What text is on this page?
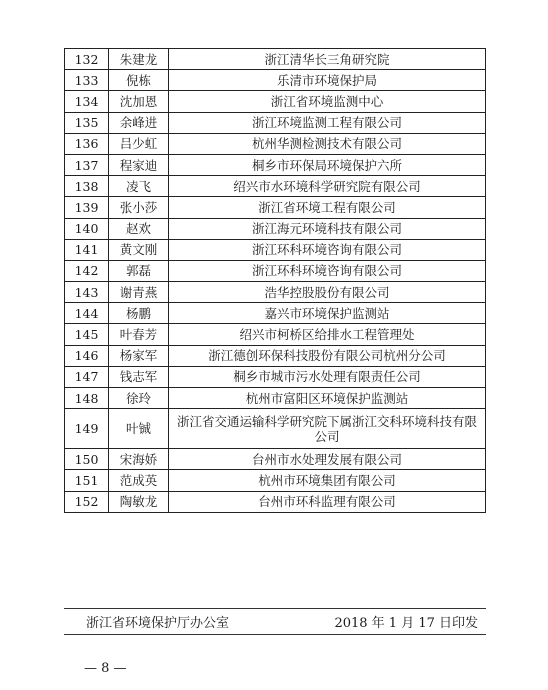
132	朱建龙	浙江清华长三角研究院
133	倪栋	乐清市环境保护局
134	沈加恩	浙江省环境监测中心
135	余峰进	浙江环境监测工程有限公司
136	吕少虹	杭州华测检测技术有限公司
137	程家迪	桐乡市环保局环境保护六所
138	凌飞	绍兴市水环境科学研究院有限公司
139	张小莎	浙江省环境工程有限公司
140	赵欢	浙江海元环境科技有限公司
141	黄文刚	浙江环科环境咨询有限公司
142	郭磊	浙江环科环境咨询有限公司
143	谢青燕	浩华控股股份有限公司
144	杨鹏	嘉兴市环境保护监测站
145	叶春芳	绍兴市柯桥区给排水工程管理处
146	杨家军	浙江德创环保科技股份有限公司杭州分公司
147	钱志军	桐乡市城市污水处理有限责任公司
148	徐玲	杭州市富阳区环境保护监测站
149	叶铖	浙江省交通运输科学研究院下属浙江交科环境科技有限公司
150	宋海娇	台州市水处理发展有限公司
151	范成英	杭州市环境集团有限公司
152	陶敏龙	台州市环科监理有限公司
浙江省环境保护厅办公室	2018 年 1 月 17 日印发
— 8 —
